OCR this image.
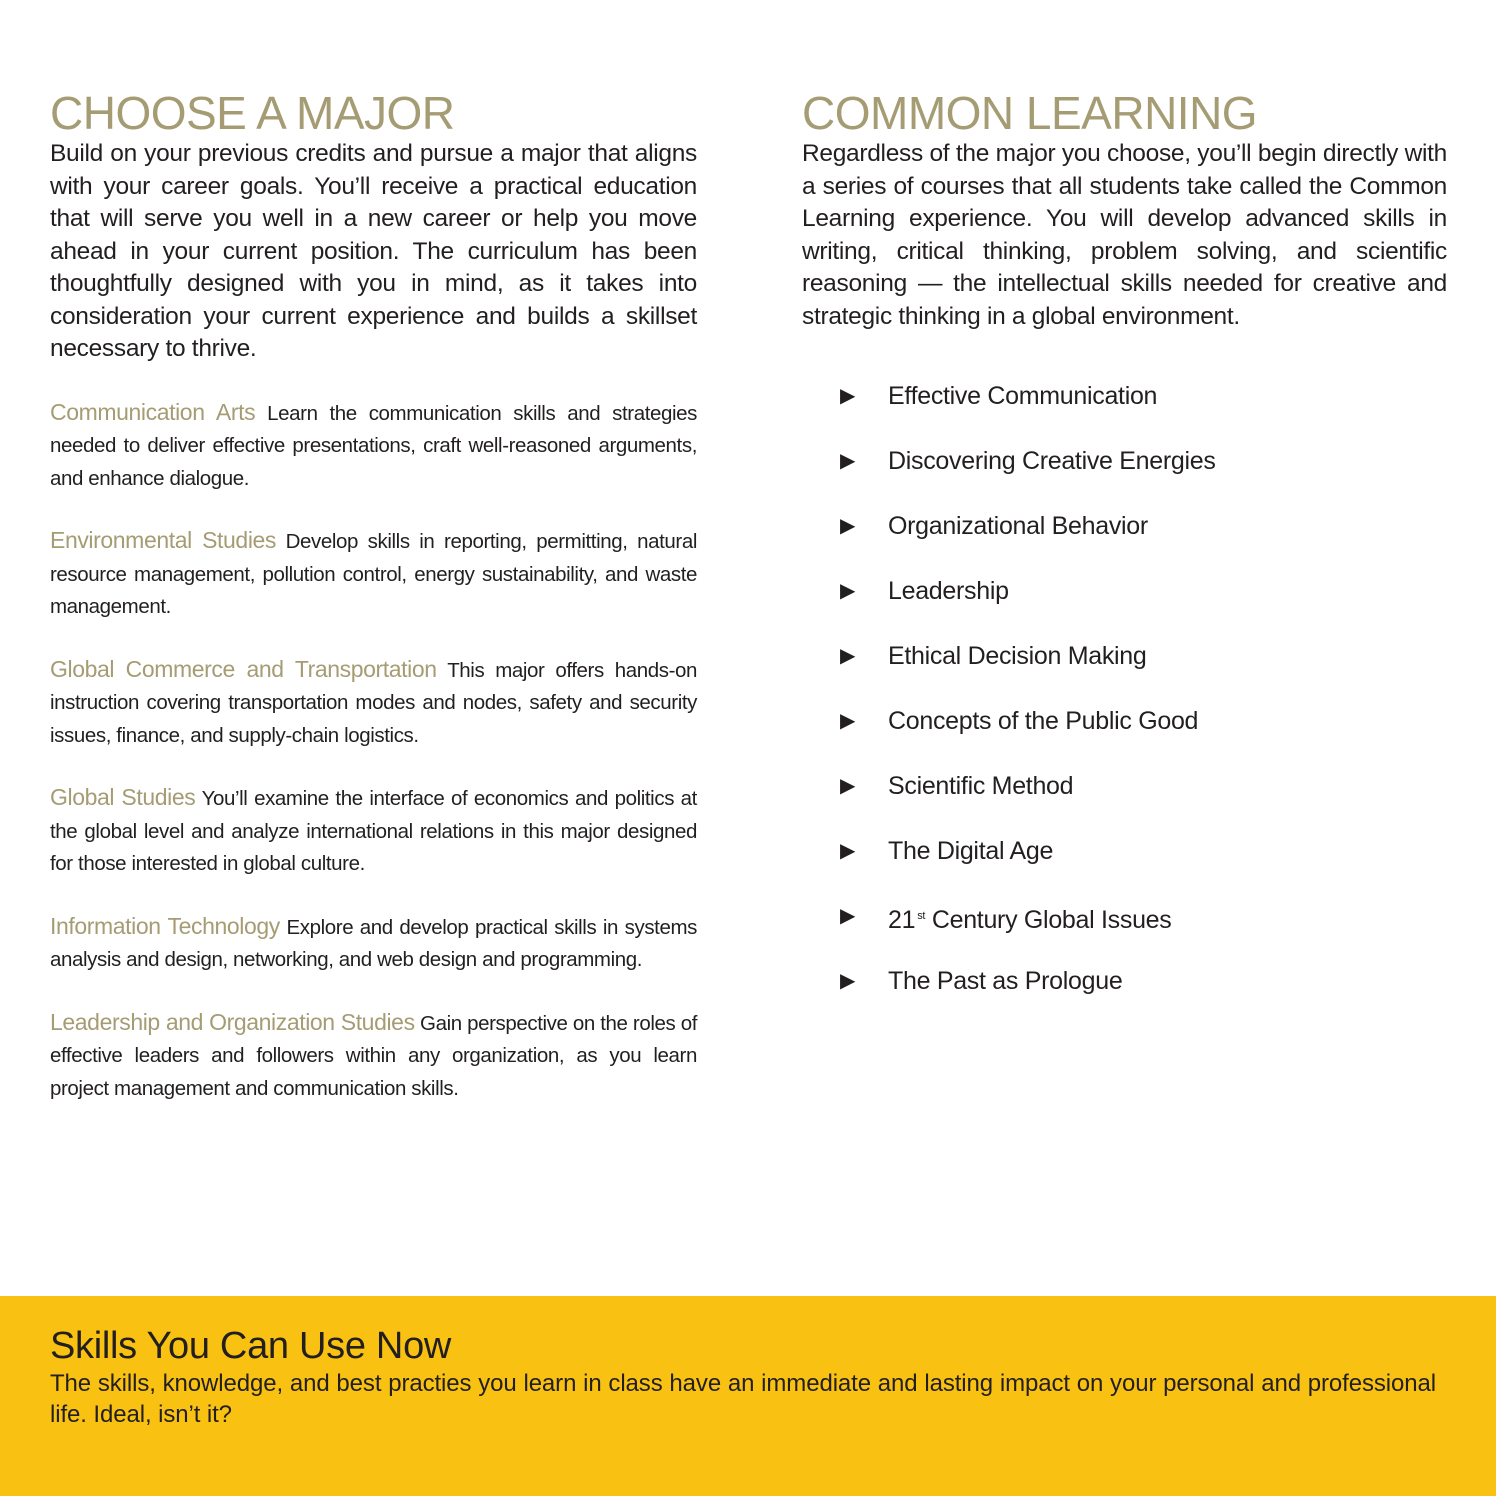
CHOOSE A MAJOR

Build on your previous credits and pursue a major that aligns with your career goals. You’ll receive a practical education that will serve you well in a new career or help you move ahead in your current position. The curriculum has been thoughtfully designed with you in mind, as it takes into consideration your current experience and builds a skillset necessary to thrive.

Communication Arts Learn the communication skills and strategies needed to deliver effective presentations, craft well-reasoned arguments, and enhance dialogue.

Environmental Studies Develop skills in reporting, permitting, natural resource management, pollution control, energy sustainability, and waste management.

Global Commerce and Transportation This major offers hands-on instruction covering transportation modes and nodes, safety and security issues, finance, and supply-chain logistics.

Global Studies You’ll examine the interface of economics and politics at the global level and analyze international relations in this major designed for those interested in global culture.

Information Technology Explore and develop practical skills in systems analysis and design, networking, and web design and programming.

Leadership and Organization Studies Gain perspective on the roles of effective leaders and followers within any organization, as you learn project management and communication skills.

COMMON LEARNING

Regardless of the major you choose, you’ll begin directly with a series of courses that all students take called the Common Learning experience. You will develop advanced skills in writing, critical thinking, problem solving, and scientific reasoning — the intellectual skills needed for creative and strategic thinking in a global environment.

▶	Effective Communication
▶	Discovering Creative Energies
▶	Organizational Behavior
▶	Leadership
▶	Ethical Decision Making
▶	Concepts of the Public Good
▶	Scientific Method
▶	The Digital Age
▶	21 $^{st}$ Century Global Issues
▶	The Past as Prologue
Skills You Can Use Now

The skills, knowledge, and best practies you learn in class have an immediate and lasting impact on your personal and professional life. Ideal, isn’t it?
